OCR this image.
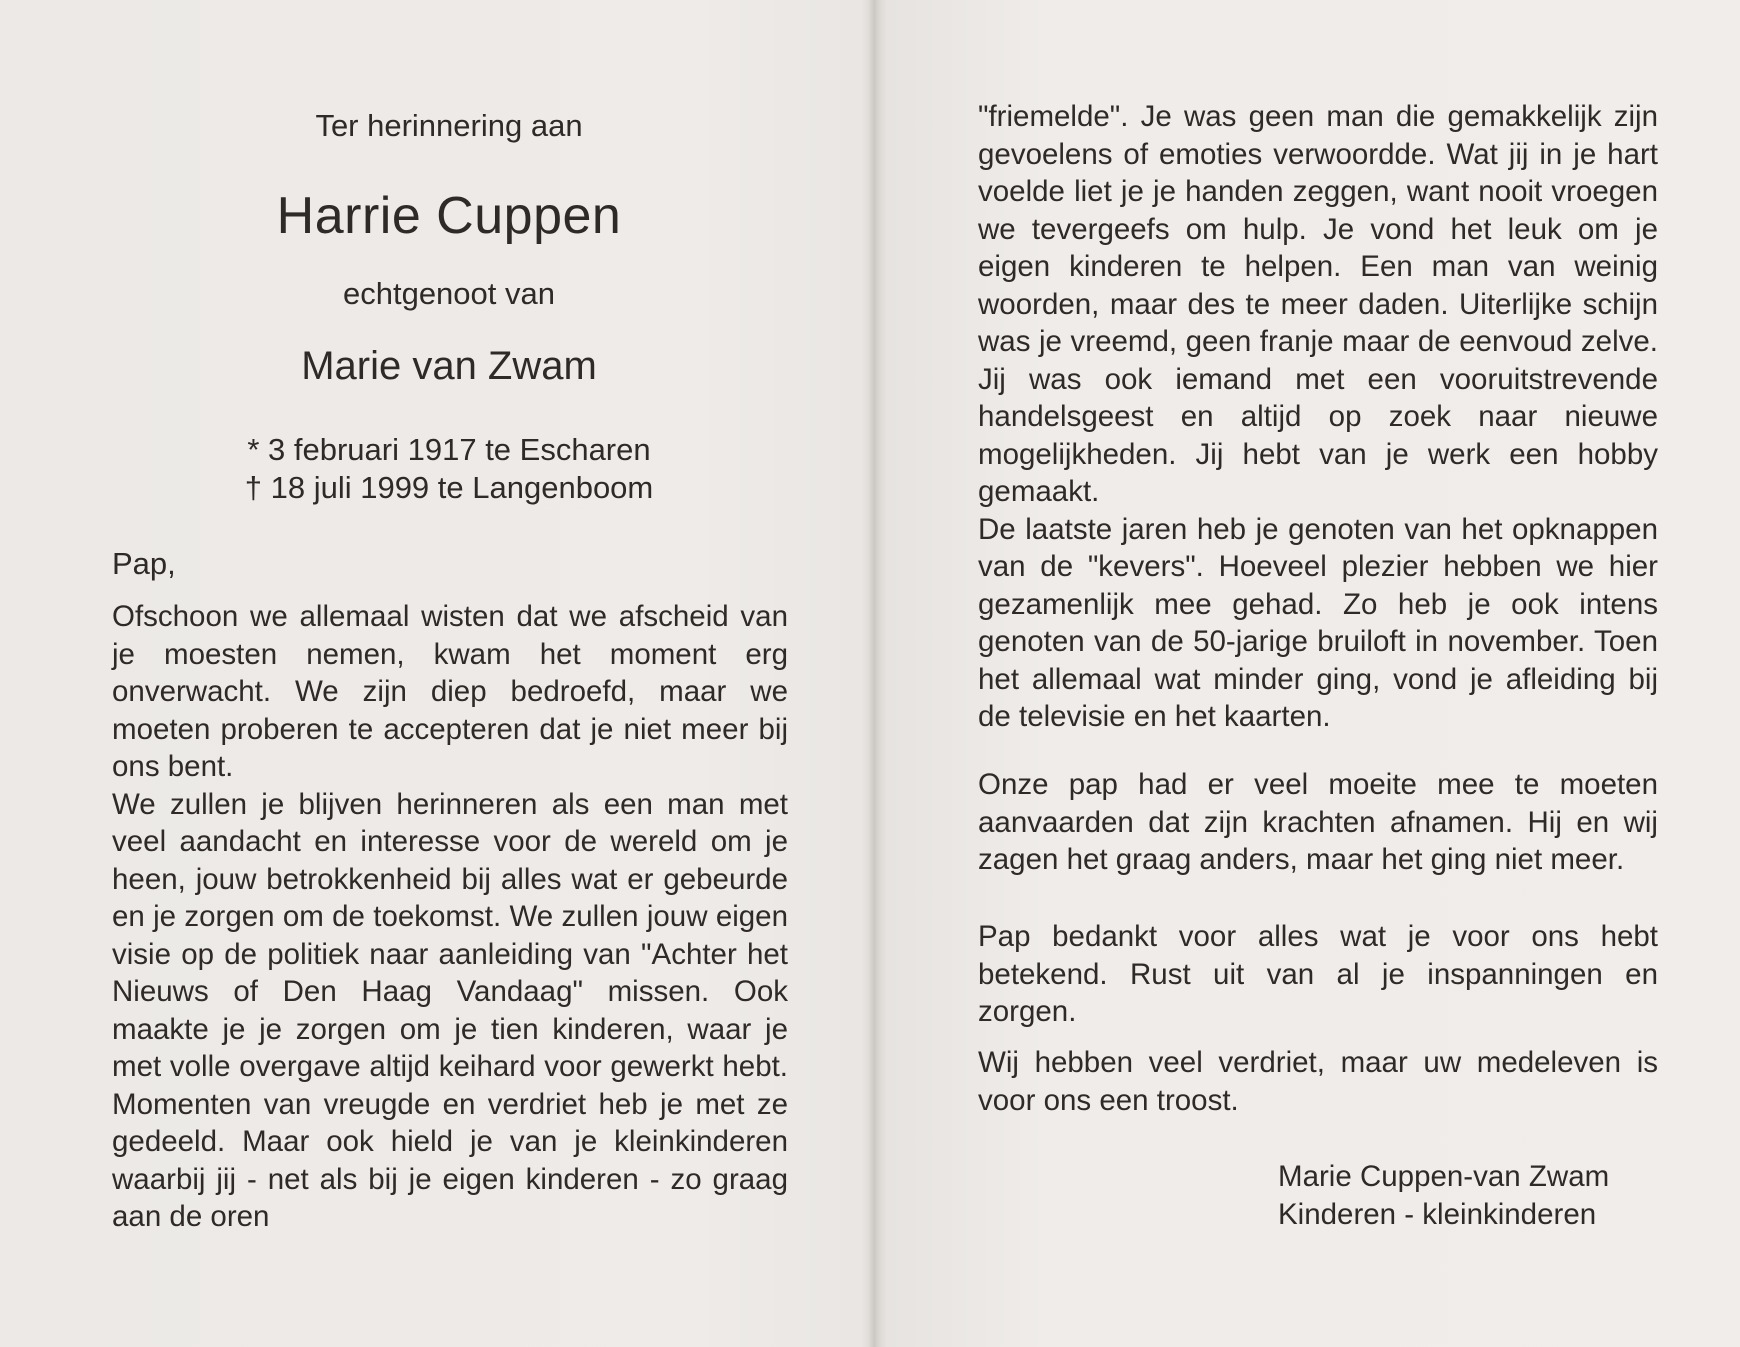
Ter herinnering aan
Harrie Cuppen
echtgenoot van
Marie van Zwam
* 3 februari 1917 te Escharen
† 18 juli 1999 te Langenboom
Pap,
Ofschoon we allemaal wisten dat we afscheid van je moesten nemen, kwam het moment erg onverwacht. We zijn diep bedroefd, maar we moeten proberen te accepteren dat je niet meer bij ons bent.
We zullen je blijven herinneren als een man met veel aandacht en interesse voor de wereld om je heen, jouw betrokkenheid bij alles wat er gebeurde en je zorgen om de toekomst. We zullen jouw eigen visie op de politiek naar aanleiding van "Achter het Nieuws of Den Haag Vandaag" missen. Ook maakte je je zorgen om je tien kinderen, waar je met volle overgave altijd keihard voor gewerkt hebt. Momenten van vreugde en verdriet heb je met ze gedeeld. Maar ook hield je van je kleinkinderen waarbij jij - net als bij je eigen kinderen - zo graag aan de oren
"friemelde". Je was geen man die gemakkelijk zijn gevoelens of emoties verwoordde. Wat jij in je hart voelde liet je je handen zeggen, want nooit vroegen we tevergeefs om hulp. Je vond het leuk om je eigen kinderen te helpen. Een man van weinig woorden, maar des te meer daden. Uiterlijke schijn was je vreemd, geen franje maar de eenvoud zelve. Jij was ook iemand met een vooruitstrevende handelsgeest en altijd op zoek naar nieuwe mogelijkheden. Jij hebt van je werk een hobby gemaakt.
De laatste jaren heb je genoten van het opknappen van de "kevers". Hoeveel plezier hebben we hier gezamenlijk mee gehad. Zo heb je ook intens genoten van de 50-jarige bruiloft in november. Toen het allemaal wat minder ging, vond je afleiding bij de televisie en het kaarten.
Onze pap had er veel moeite mee te moeten aanvaarden dat zijn krachten afnamen. Hij en wij zagen het graag anders, maar het ging niet meer.
Pap bedankt voor alles wat je voor ons hebt betekend. Rust uit van al je inspanningen en zorgen.
Wij hebben veel verdriet, maar uw medeleven is voor ons een troost.
Marie Cuppen-van Zwam
Kinderen - kleinkinderen
